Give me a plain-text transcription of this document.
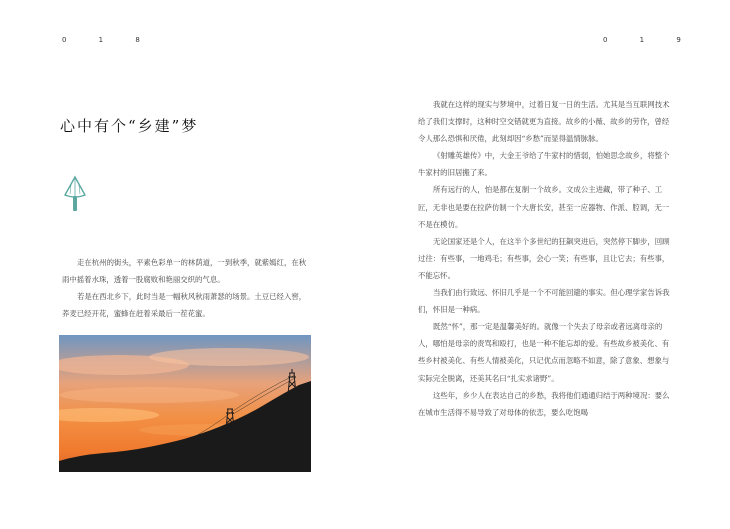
0 1 8
心中有个“乡建”梦

走在杭州的街头，平素色彩单一的林荫道，一到秋季，就紫嫣红，在秋雨中摇着水珠，透着一股腐败和艳丽交织的气息。

若是在西北乡下，此时当是一幅秋风秋雨萧瑟的场景。土豆已经入窖，荞麦已经开花，蜜蜂在赶着采最后一茬花蜜。

0 1 9

我就在这样的现实与梦境中，过着日复一日的生活。尤其是当互联网技术给了我们支撑时，这种时空交错就更为直接。故乡的小薇、故乡的劳作，曾经令人那么恐惧和厌倦，此刻却因“乡愁”而显得温情脉脉。

《射雕英雄传》中，大金王爷给了牛家村的惜弱，怕她思念故乡，将整个牛家村的旧居搬了来。

所有远行的人，怕是都在复制一个故乡。文成公主进藏，带了种子、工匠，无非也是要在拉萨仿制一个大唐长安，甚至一应器物、作派、腔调，无一不是在模仿。

无论国家还是个人，在这半个多世纪的狂飙突进后，突然停下脚步，回顾过往：有些事，一地鸡毛；有些事，会心一笑；有些事，且让它去；有些事，不能忘怀。

当我们由行致远、怀旧几乎是一个不可能回避的事实。但心理学家告诉我们，怀旧是一种病。

既然“怀”，那一定是温馨美好的。就像一个失去了母亲或者远离母亲的人，哪怕是母亲的责骂和殴打，也是一种不能忘却的爱。有些故乡被美化、有些乡村被美化、有些人情被美化，只记优点而忽略不如意，除了意象、想象与实际完全脱离，还美其名曰“扎实求诸野”。

这些年，乡少人在表达自己的乡愁，我将他们通通归结于两种境况：要么在城市生活得不易导致了对母体的依恋，要么吃饱喝
